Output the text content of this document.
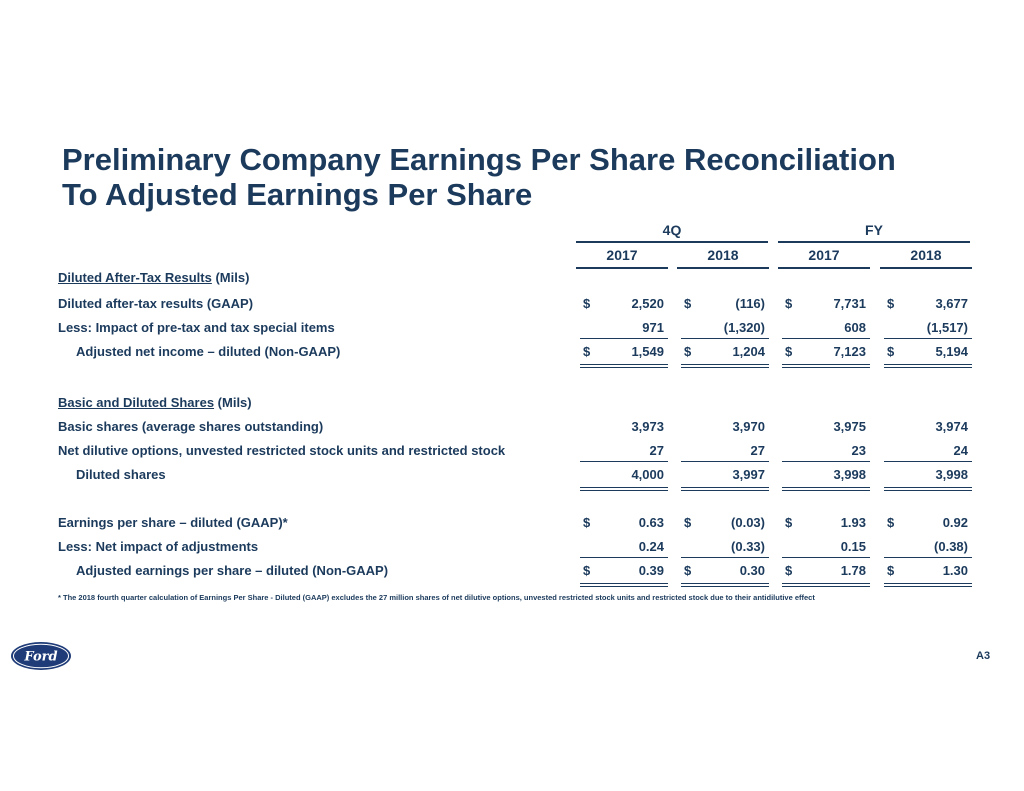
Preliminary Company Earnings Per Share Reconciliation
To Adjusted Earnings Per Share
4Q	FY
2017	2018	2017	2018
Diluted After-Tax Results (Mils)
Diluted after-tax results (GAAP)	$	2,520 $	(116) $	7,731 $	3,677
Less: Impact of pre-tax and tax special items	971	(1,320)	608	(1,517)
Adjusted net income – diluted (Non-GAAP)	$	1,549 $	1,204 $	7,123 $	5,194
Basic and Diluted Shares (Mils)
Basic shares (average shares outstanding)	3,973	3,970	3,975	3,974
Net dilutive options, unvested restricted stock units and restricted stock	27	27	23	24
Diluted shares	4,000	3,997	3,998	3,998
Earnings per share – diluted (GAAP)*	$	0.63 $	(0.03) $	1.93 $	0.92
Less: Net impact of adjustments	0.24	(0.33)	0.15	(0.38)
Adjusted earnings per share – diluted (Non-GAAP)	$	0.39 $	0.30 $	1.78 $	1.30
* The 2018 fourth quarter calculation of Earnings Per Share - Diluted (GAAP) excludes the 27 million shares of net dilutive options, unvested restricted stock units and restricted stock due to their antidilutive effect
Ford	A3
